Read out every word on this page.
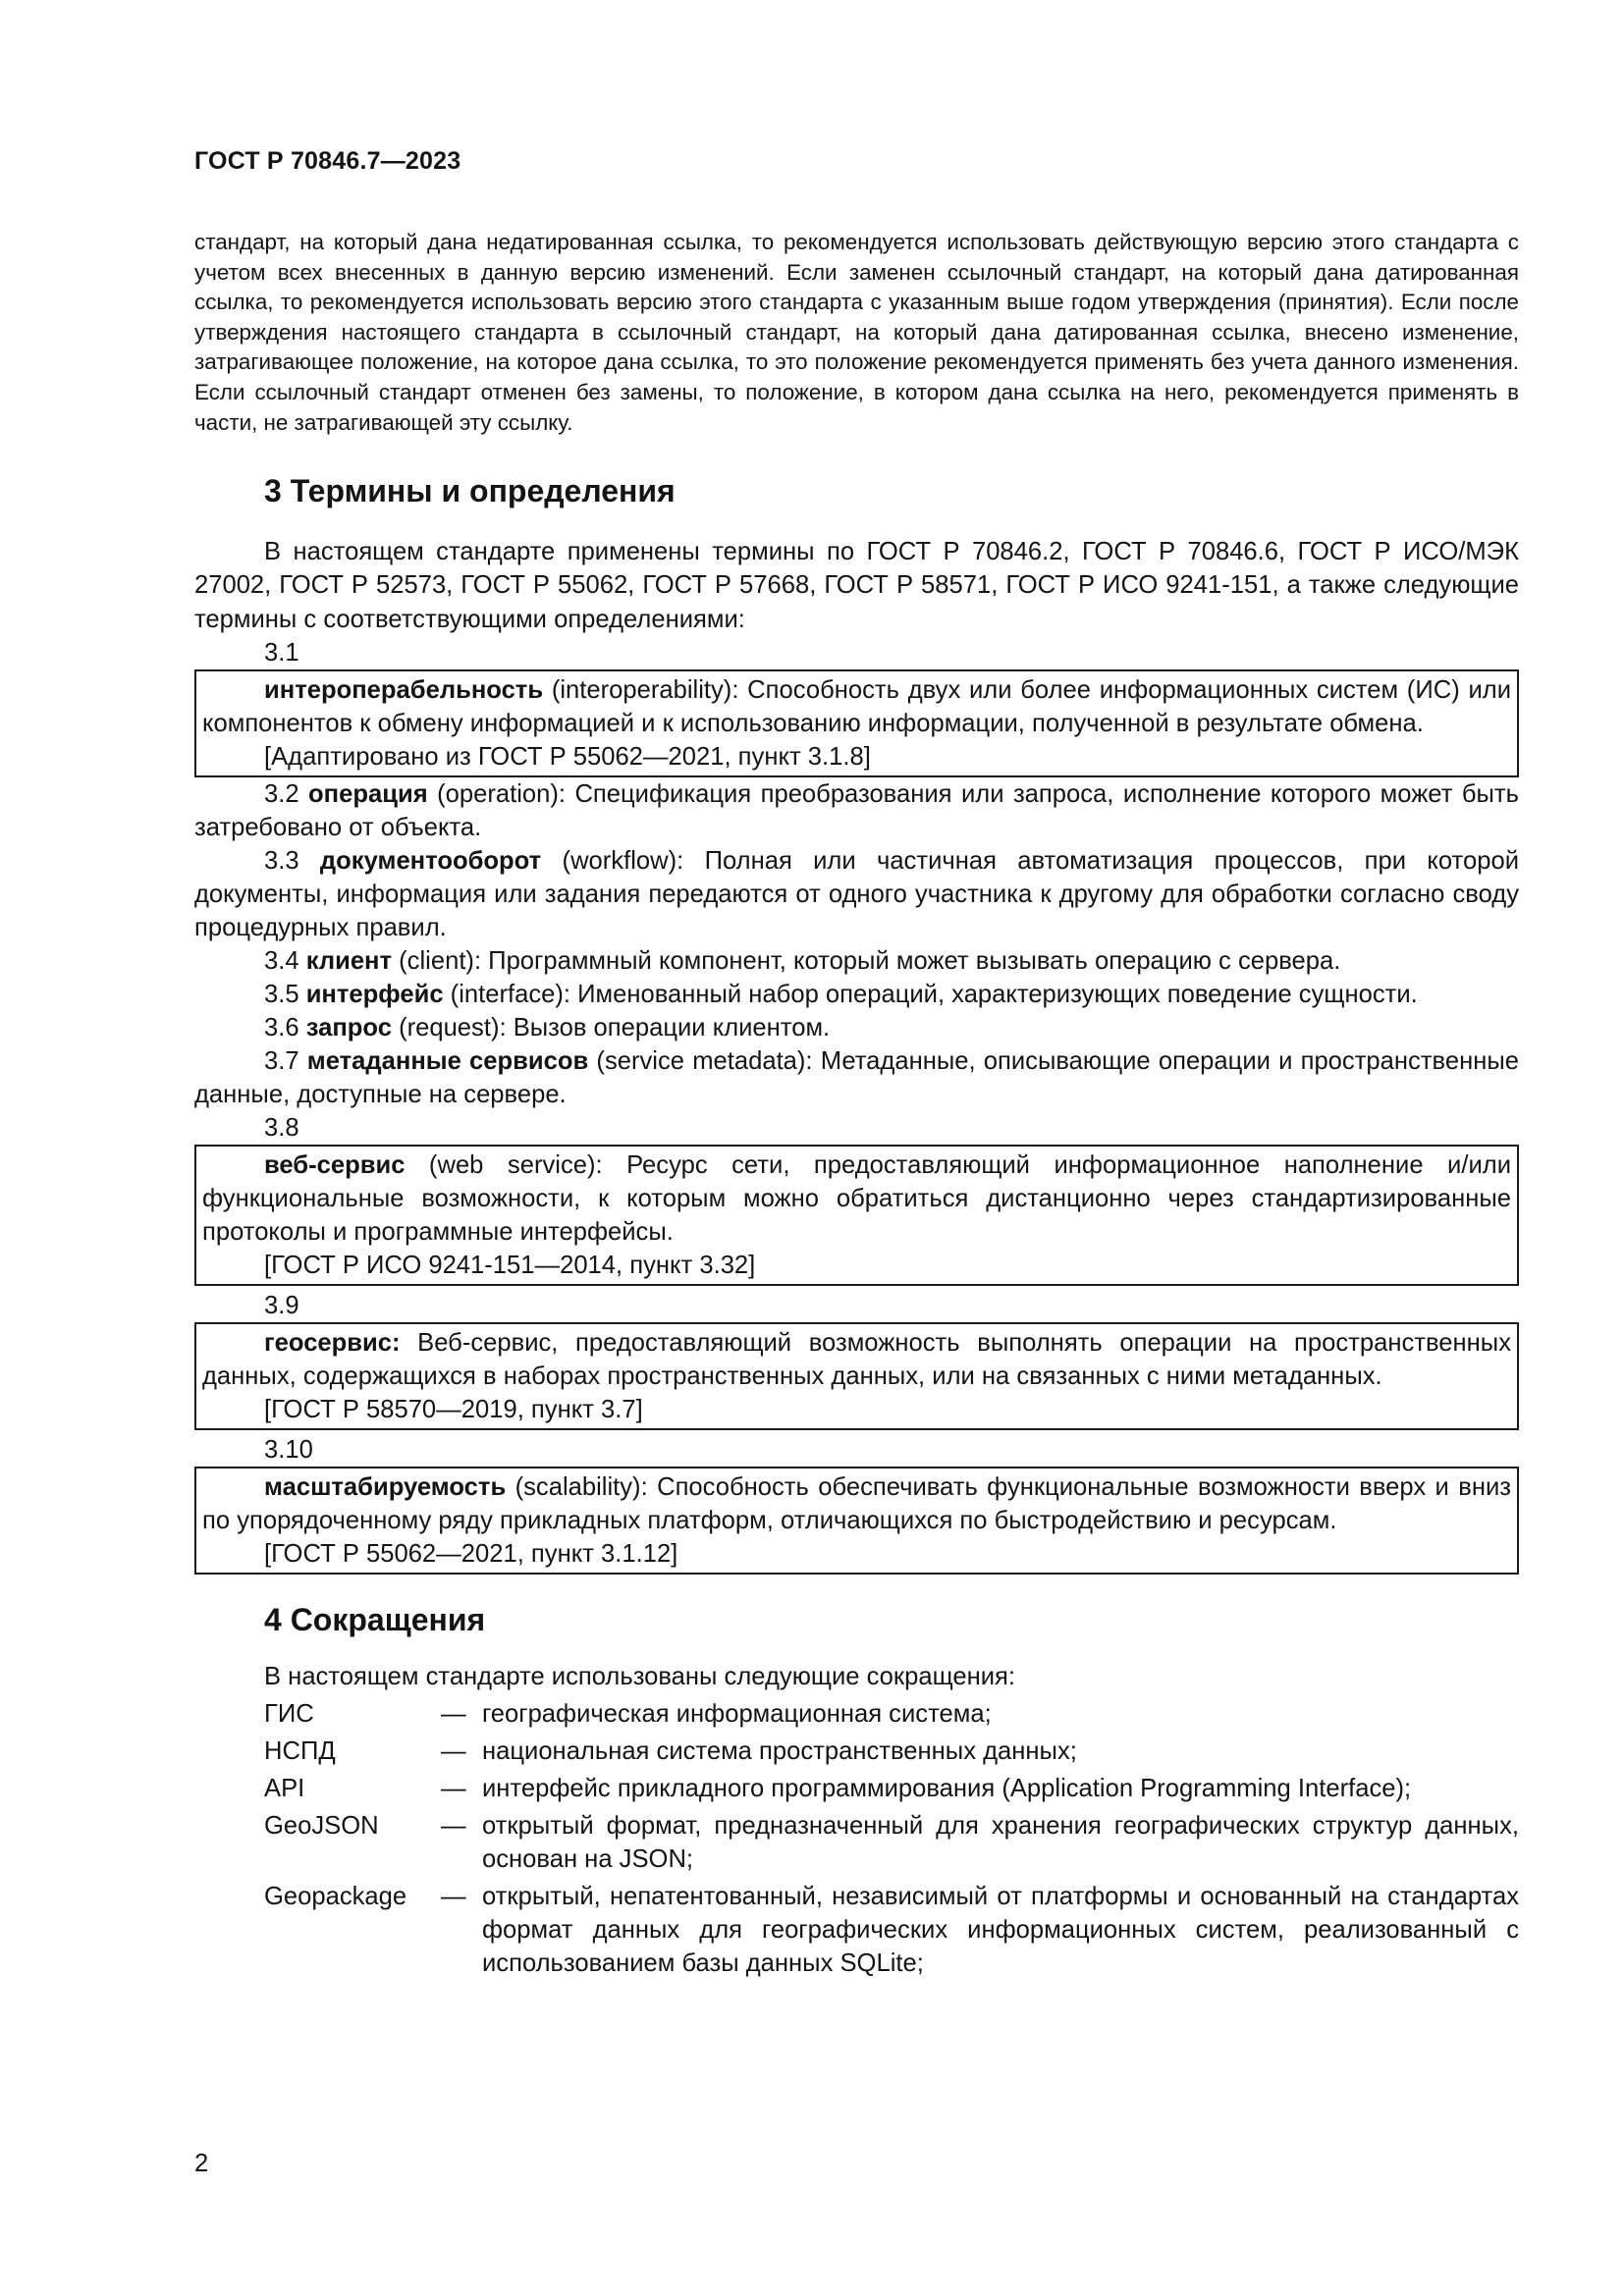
ГОСТ Р 70846.7—2023

стандарт, на который дана недатированная ссылка, то рекомендуется использовать действующую версию этого стандарта с учетом всех внесенных в данную версию изменений. Если заменен ссылочный стандарт, на который дана датированная ссылка, то рекомендуется использовать версию этого стандарта с указанным выше годом утверждения (принятия). Если после утверждения настоящего стандарта в ссылочный стандарт, на который дана датированная ссылка, внесено изменение, затрагивающее положение, на которое дана ссылка, то это положение рекомендуется применять без учета данного изменения. Если ссылочный стандарт отменен без замены, то положение, в котором дана ссылка на него, рекомендуется применять в части, не затрагивающей эту ссылку.

3 Термины и определения

В настоящем стандарте применены термины по ГОСТ Р 70846.2, ГОСТ Р 70846.6, ГОСТ Р ИСО/МЭК 27002, ГОСТ Р 52573, ГОСТ Р 55062, ГОСТ Р 57668, ГОСТ Р 58571, ГОСТ Р ИСО 9241-151, а также следующие термины с соответствующими определениями:

3.1

интероперабельность (interoperability): Способность двух или более информационных систем (ИС) или компонентов к обмену информацией и к использованию информации, полученной в результате обмена.

[Адаптировано из ГОСТ Р 55062—2021, пункт 3.1.8]

3.2 операция (operation): Спецификация преобразования или запроса, исполнение которого может быть затребовано от объекта.

3.3 документооборот (workflow): Полная или частичная автоматизация процессов, при которой документы, информация или задания передаются от одного участника к другому для обработки согласно своду процедурных правил.

3.4 клиент (client): Программный компонент, который может вызывать операцию с сервера.

3.5 интерфейс (interface): Именованный набор операций, характеризующих поведение сущности.

3.6 запрос (request): Вызов операции клиентом.

3.7 метаданные сервисов (service metadata): Метаданные, описывающие операции и пространственные данные, доступные на сервере.

3.8

веб-сервис (web service): Ресурс сети, предоставляющий информационное наполнение и/или функциональные возможности, к которым можно обратиться дистанционно через стандартизированные протоколы и программные интерфейсы.

[ГОСТ Р ИСО 9241-151—2014, пункт 3.32]

3.9

геосервис: Веб-сервис, предоставляющий возможность выполнять операции на пространственных данных, содержащихся в наборах пространственных данных, или на связанных с ними метаданных.

[ГОСТ Р 58570—2019, пункт 3.7]

3.10

масштабируемость (scalability): Способность обеспечивать функциональные возможности вверх и вниз по упорядоченному ряду прикладных платформ, отличающихся по быстродействию и ресурсам.

[ГОСТ Р 55062—2021, пункт 3.1.12]

4 Сокращения
В настоящем стандарте использованы следующие сокращения:
ГИС	— географическая информационная система;
НСПД	— национальная система пространственных данных;
API	— интерфейс прикладного программирования (Application Programming Interface);
GeoJSON	— открытый формат, предназначенный для хранения географических структур данных, основан на JSON;
Geopackage	— открытый, непатентованный, независимый от платформы и основанный на стандартах формат данных для географических информационных систем, реализованный с использованием базы данных SQLite;
2
